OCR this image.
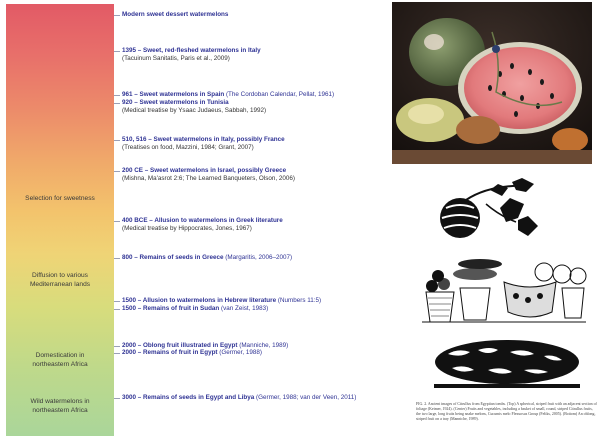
Selection for sweetness
Diffusion to various Mediterranean lands
Domestication in northeastern Africa
Wild watermelons in northeastern Africa
Modern sweet dessert watermelons
1395 – Sweet, red-fleshed watermelons in Italy
(Tacuinum Sanitatis, Paris et al., 2009)
961 – Sweet watermelons in Spain (The Cordoban Calendar, Pellat, 1961)
920 – Sweet watermelons in Tunisia
(Medical treatise by Ysaac Judaeus, Sabbah, 1992)
510, 516 – Sweet watermelons in Italy, possibly France
(Treatises on food, Mazzini, 1984; Grant, 2007)
200 CE – Sweet watermelons in Israel, possibly Greece
(Mishna, Ma'asrot 2:6; The Learned Banqueters, Olson, 2006)
400 BCE – Allusion to watermelons in Greek literature
(Medical treatise by Hippocrates, Jones, 1967)
800 – Remains of seeds in Greece (Margaritis, 2006–2007)
1500 – Allusion to watermelons in Hebrew literature (Numbers 11:5)
1500 – Remains of fruit in Sudan (van Zeist, 1983)
2000 – Oblong fruit illustrated in Egypt (Manniche, 1989)
2000 – Remains of fruit in Egypt (Germer, 1988)
3000 – Remains of seeds in Egypt and Libya (Germer, 1988; van der Veen, 2011)
FIG. 2. Ancient images of Citrullus from Egyptian tombs. (Top) A spherical, striped fruit with an adjacent section of foliage (Keimer, 1924). (Center) Fruits and vegetables, including a basket of small, round, striped Citrullus fruits, the two large, long fruits being snake melons, Cucumis melo Flexuosus Group (Feliks, 2005). (Bottom) An oblong, striped fruit on a tray (Manniche, 1989).
